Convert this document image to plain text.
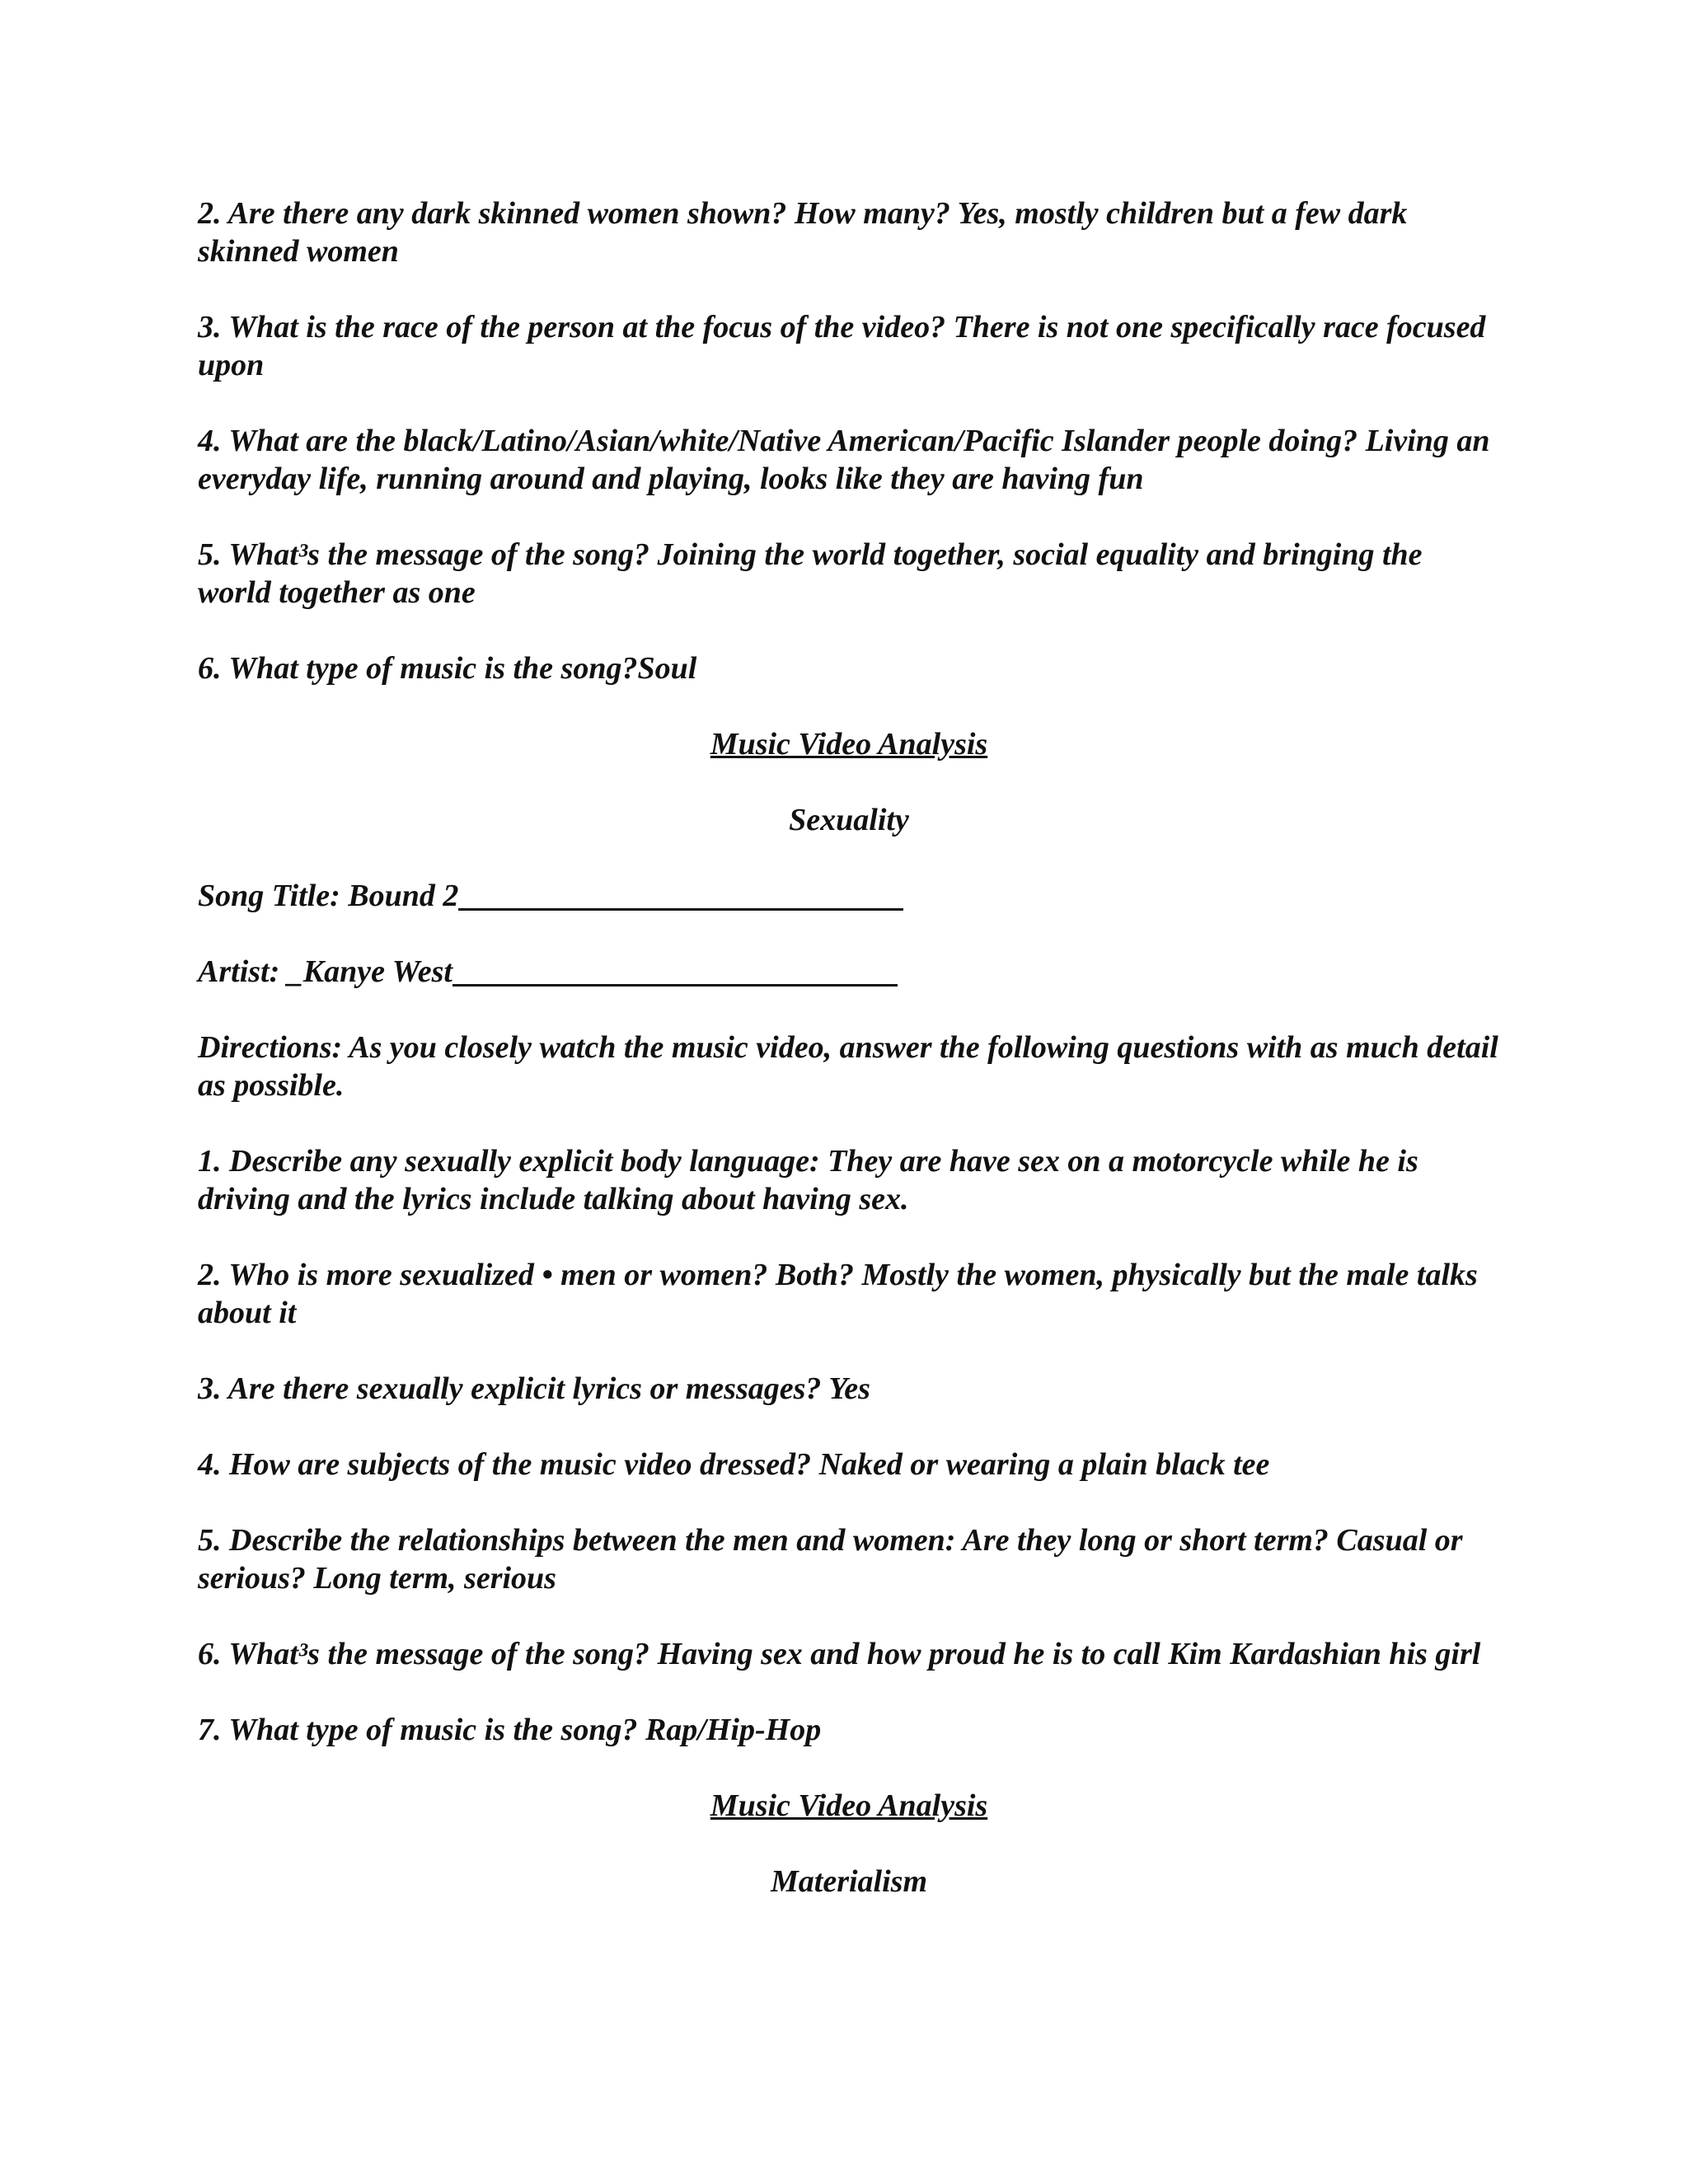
2. Are there any dark skinned women shown? How many? Yes, mostly children but a few dark skinned women

3. What is the race of the person at the focus of the video? There is not one specifically race focused upon

4. What are the black/Latino/Asian/white/Native American/Pacific Islander people doing? Living an everyday life, running around and playing, looks like they are having fun

5. What³s the message of the song? Joining the world together, social equality and bringing the world together as one

6. What type of music is the song?Soul

Music Video Analysis

Sexuality

Song Title: Bound 2

Artist: _Kanye West

Directions: As you closely watch the music video, answer the following questions with as much detail as possible.

1. Describe any sexually explicit body language: They are have sex on a motorcycle while he is driving and the lyrics include talking about having sex.

2. Who is more sexualized • men or women? Both? Mostly the women, physically but the male talks about it

3. Are there sexually explicit lyrics or messages? Yes

4. How are subjects of the music video dressed? Naked or wearing a plain black tee

5. Describe the relationships between the men and women: Are they long or short term? Casual or serious? Long term, serious

6. What³s the message of the song? Having sex and how proud he is to call Kim Kardashian his girl

7. What type of music is the song? Rap/Hip-Hop

Music Video Analysis

Materialism
